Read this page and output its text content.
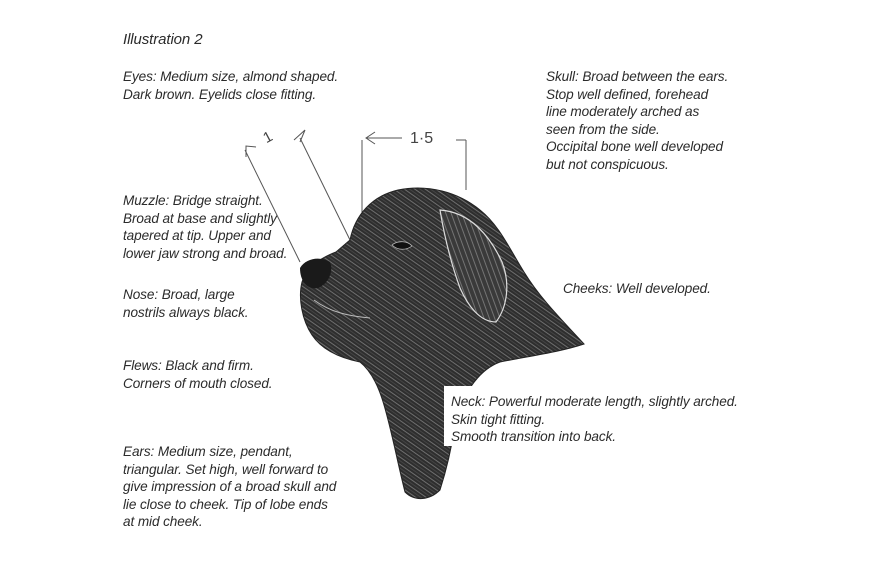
Illustration 2
Eyes: Medium size, almond shaped.
Dark brown. Eyelids close fitting.
Skull: Broad between the ears.
Stop well defined, forehead
line moderately arched as
seen from the side.
Occipital bone well developed
but not conspicuous.
Muzzle: Bridge straight.
Broad at base and slightly
tapered at tip. Upper and
lower jaw strong and broad.
Cheeks: Well developed.
Nose: Broad, large
nostrils always black.
Flews: Black and firm.
Corners of mouth closed.
Neck: Powerful moderate length, slightly arched.
Skin tight fitting.
Smooth transition into back.
Ears: Medium size, pendant,
triangular. Set high, well forward to
give impression of a broad skull and
lie close to cheek. Tip of lobe ends
at mid cheek.
1	1·5
